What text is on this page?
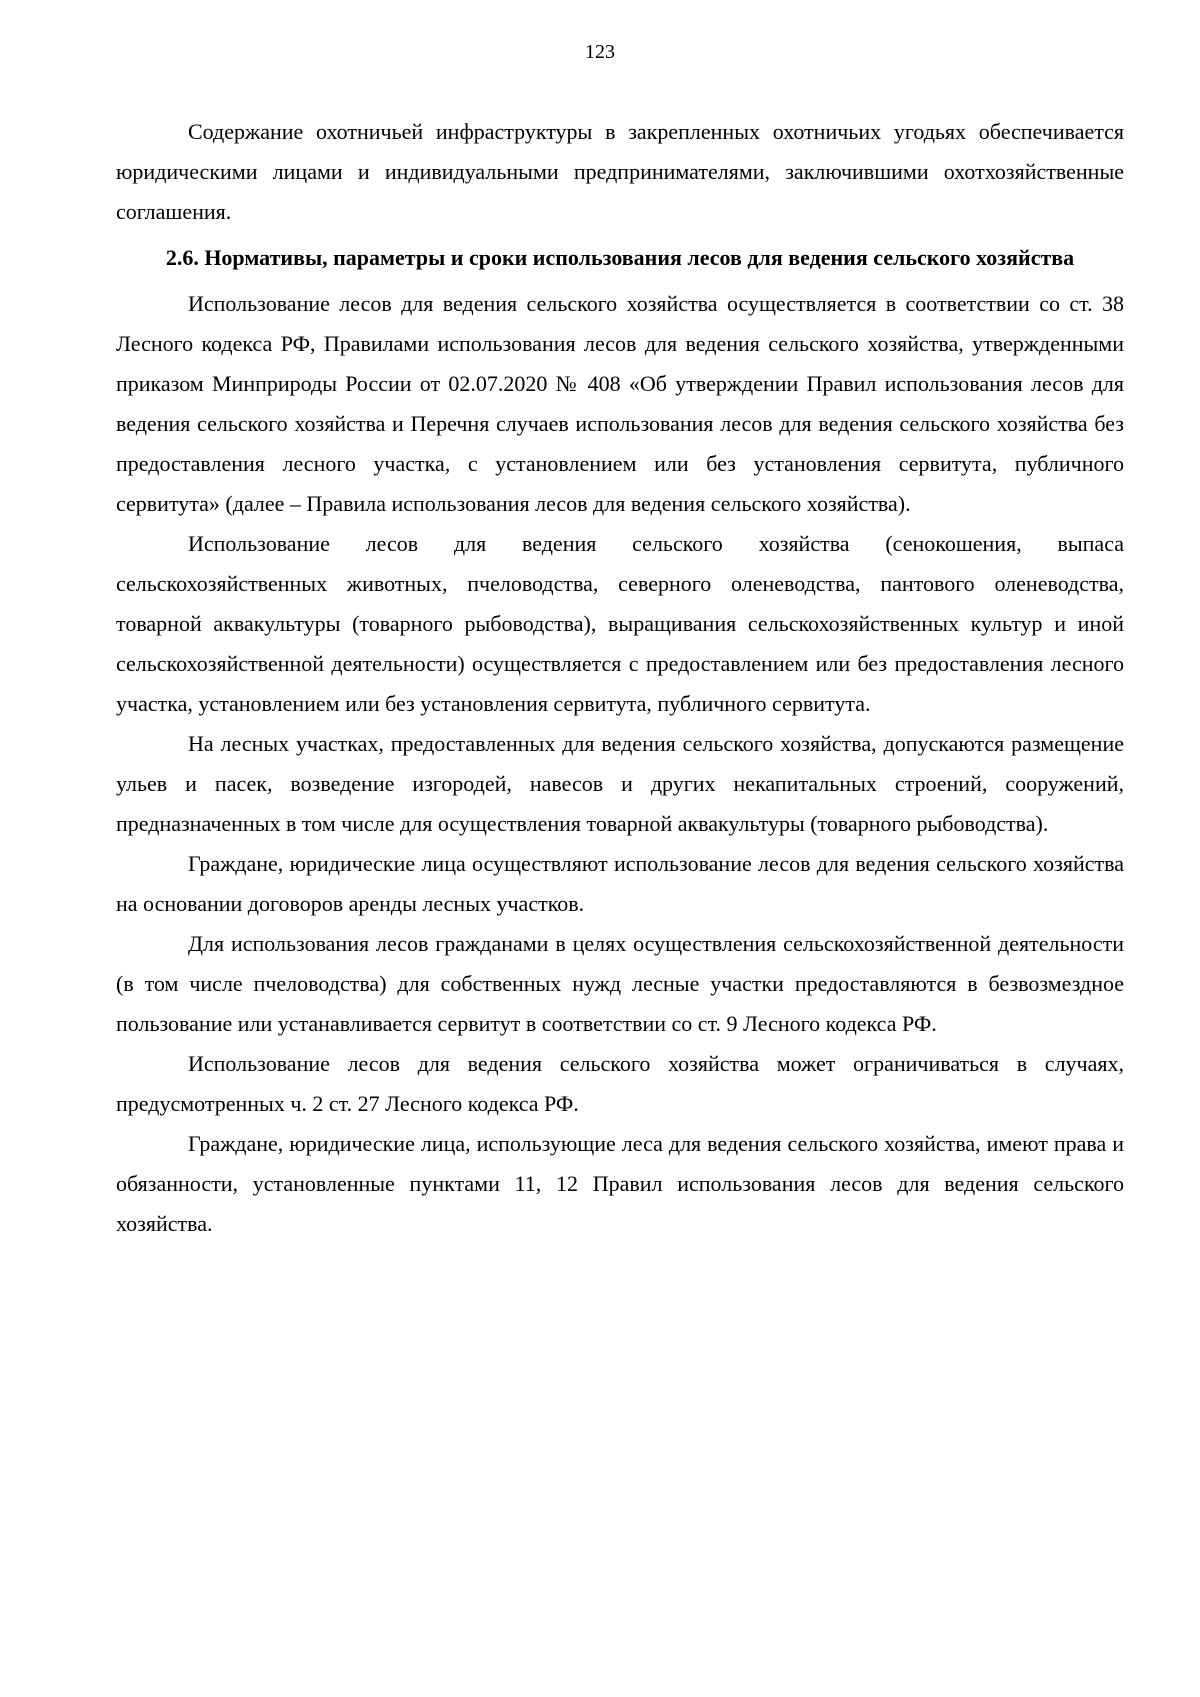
123

Содержание охотничьей инфраструктуры в закрепленных охотничьих угодьях обеспечивается юридическими лицами и индивидуальными предпринимателями, заключившими охотхозяйственные соглашения.

2.6. Нормативы, параметры и сроки использования лесов для ведения сельского хозяйства

Использование лесов для ведения сельского хозяйства осуществляется в соответствии со ст. 38 Лесного кодекса РФ, Правилами использования лесов для ведения сельского хозяйства, утвержденными приказом Минприроды России от 02.07.2020 № 408 «Об утверждении Правил использования лесов для ведения сельского хозяйства и Перечня случаев использования лесов для ведения сельского хозяйства без предоставления лесного участка, с установлением или без установления сервитута, публичного сервитута» (далее – Правила использования лесов для ведения сельского хозяйства).

Использование лесов для ведения сельского хозяйства (сенокошения, выпаса сельскохозяйственных животных, пчеловодства, северного оленеводства, пантового оленеводства, товарной аквакультуры (товарного рыбоводства), выращивания сельскохозяйственных культур и иной сельскохозяйственной деятельности) осуществляется с предоставлением или без предоставления лесного участка, установлением или без установления сервитута, публичного сервитута.

На лесных участках, предоставленных для ведения сельского хозяйства, допускаются размещение ульев и пасек, возведение изгородей, навесов и других некапитальных строений, сооружений, предназначенных в том числе для осуществления товарной аквакультуры (товарного рыбоводства).

Граждане, юридические лица осуществляют использование лесов для ведения сельского хозяйства на основании договоров аренды лесных участков.

Для использования лесов гражданами в целях осуществления сельскохозяйственной деятельности (в том числе пчеловодства) для собственных нужд лесные участки предоставляются в безвозмездное пользование или устанавливается сервитут в соответствии со ст. 9 Лесного кодекса РФ.

Использование лесов для ведения сельского хозяйства может ограничиваться в случаях, предусмотренных ч. 2 ст. 27 Лесного кодекса РФ.

Граждане, юридические лица, использующие леса для ведения сельского хозяйства, имеют права и обязанности, установленные пунктами 11, 12 Правил использования лесов для ведения сельского хозяйства.
